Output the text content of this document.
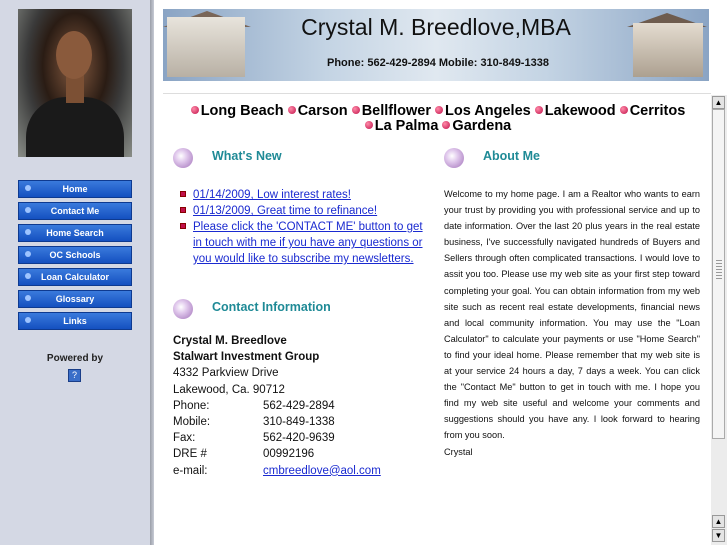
Home
Contact Me
Home Search
OC Schools
Loan Calculator
Glossary
Links
Powered by
?
Crystal M. Breedlove,MBA
Phone: 562-429-2894 Mobile: 310-849-1338
Long Beach Carson Bellflower Los Angeles Lakewood Cerritos
La Palma Gardena
What's New
01/14/2009, Low interest rates!
01/13/2009, Great time to refinance!
Please click the 'CONTACT ME' button to get in touch with me if you have any questions or you would like to subscribe my newsletters.
Contact Information
Crystal M. Breedlove
Stalwart Investment Group
4332 Parkview Drive
Lakewood, Ca. 90712
Phone:	562-429-2894
Mobile:	310-849-1338
Fax:	562-420-9639
DRE #	00992196
e-mail:	cmbreedlove@aol.com
About Me
Welcome to my home page. I am a Realtor who wants to earn your trust by providing you with professional service and up to date information. Over the last 20 plus years in the real estate business, I've successfully navigated hundreds of Buyers and Sellers through often complicated transactions. I would love to assit you too. Please use my web site as your first step toward completing your goal. You can obtain information from my web site such as recent real estate developments, financial news and local community information. You may use the "Loan Calculator" to calculate your payments or use "Home Search" to find your ideal home. Please remember that my web site is at your service 24 hours a day, 7 days a week. You can click the "Contact Me" button to get in touch with me. I hope you find my web site useful and welcome your comments and suggestions should you have any. I look forward to hearing from you soon.
Crystal
▲
▲
▼
